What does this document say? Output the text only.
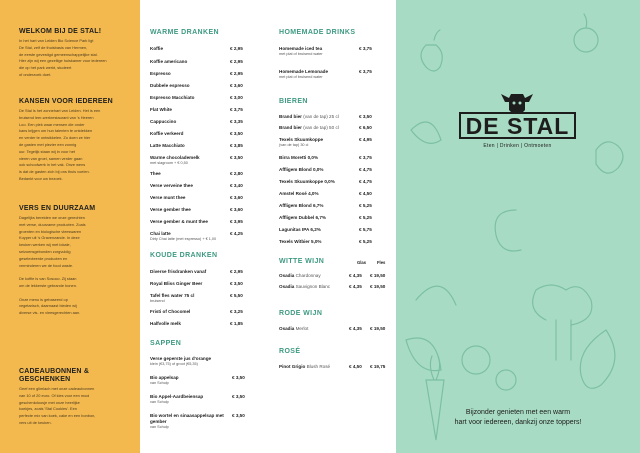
WELKOM BIJ DE STAL!

In het hart van Leiden Bio Science Park ligt
De Stal, zelf de thuisbasis van Hermen,
de eerste gevestigd gemeenschappelijke stal.
Hier zijn wij een gezellige huiskamer voor iedereen
die op het park werkt, studeert
of onderzoek doet.

KANSEN VOOR IEDEREEN

De Stal is het zonnehart van Leiden. Het is een
bruisend leer-werkrestaurant van 's Heeren
Loo. Een plek waar mensen die onder
kans krijgen om hun talenten te ontdekken
en verder te ontwikkelen. Zo doen ze hier
de gasten met plezier een zonnig
uur. Tegelijk staan wij in voor het
vieren van groei, samen verder gaan
ook schoolwerk in het vak. Onze wens
is dat de gasten zich bij ons thuis voelen.
Bedankt voor uw bezoek.

VERS EN DUURZAAM

Dagelijks bereiden we onze gerechten
met verse, duurzame producten. Zoals
groenten en biologische vleeswaren
Kuyper uit 's Gravenzande. In deze
keuken werken wij met lokale,
seizoensgebonden zorgvuldig
geselecteerde producten en
verminderen we de food waste.

De koffie is van Sosoco. Zij staan
om de lekkerste gebrande bonen.

Onze menu is gebaseerd op
vegetarisch, daarnaast bieden wij
diverse vis- en vleesgerechten aan.

CADEAUBONNEN & GESCHENKEN

Geef een glimlach met onze cadeaubonnen
van 10 of 20 euro. Of kies voor een mooi
geschenkdoosje met onze heerlijke
koekjes, zoals 'Stal Cookies'. Een
perfecte mix van koek, cake en een bonbon,
vers uit de keuken.

WARME DRANKEN
Koffie	€ 2,95
Koffie americano	€ 2,95
Espresso	€ 2,95
Dubbele espresso	€ 3,60
Espresso Macchiato	€ 3,00
Flat White	€ 3,75
Cappuccino	€ 3,35
Koffie verkeerd	€ 3,50
Latte Macchiato	€ 3,85
Warme chocolademelk
met slagroom + € 0,50
€ 3,50
Thee	€ 2,80
Verse verveine thee	€ 3,40
Verse munt thee	€ 3,60
Verse gember thee	€ 3,60
Verse gember & munt thee	€ 3,95
Chai latte
Dirty Chai latte (met espresso) + € 1,00
€ 4,25
KOUDE DRANKEN
Diverse frisdranken vanaf	€ 2,95
Royal Bliss Ginger Beer	€ 3,50
Tafel fles water 75 cl
bruisend
€ 5,50
Fristi of Chocomel	€ 3,25
Halfvolle melk	€ 1,85
SAPPEN
Verse geperste jus d'orange
klein (€3,75) of groot (€5,35)
Bio appelsap
van Schulp
€ 3,50
Bio Appel-Aardbeiensap
van Schulp
€ 3,50
Bio wortel en sinaasappelsap met gember
van Schulp
€ 3,50
HOMEMADE DRINKS
Homemade iced tea
met plat of bruisend water
€ 3,75
Homemade Lemonade
met plat of bruisend water
€ 3,75
BIEREN
Brand bier (van de tap) 25 cl	€ 3,50
Brand bier (van de tap) 50 cl	€ 6,50
Texels Skuumkoppe
(van de tap) 30 cl
€ 4,95
Birra Moretti 0,0%	€ 3,75
Affligem Blond 0,0%	€ 4,75
Texels Skuumkoppe 0,0%	€ 4,75
Amstel Rosé 4,0%	€ 4,50
Affligem Blond 6,7%	€ 5,25
Affligem Dubbel 6,7%	€ 5,25
Lagunitas IPA 6,2%	€ 5,75
Texels Witbier 5,0%	€ 5,25
WITTE WIJN	Glas	Fles
Osadia Chardonnay	€ 4,35 € 19,50
Osadia Sauvignon Blanc	€ 4,35 € 19,50
RODE WIJN
Osadia Merlot	€ 4,35 € 19,50
ROSÉ
Pinot Grigio Blush Rosé	€ 4,50 € 19,75
DE STAL
Eten | Drinken | Ontmoeten
Bijzonder genieten met een warm
hart voor iedereen, dankzij onze toppers!
